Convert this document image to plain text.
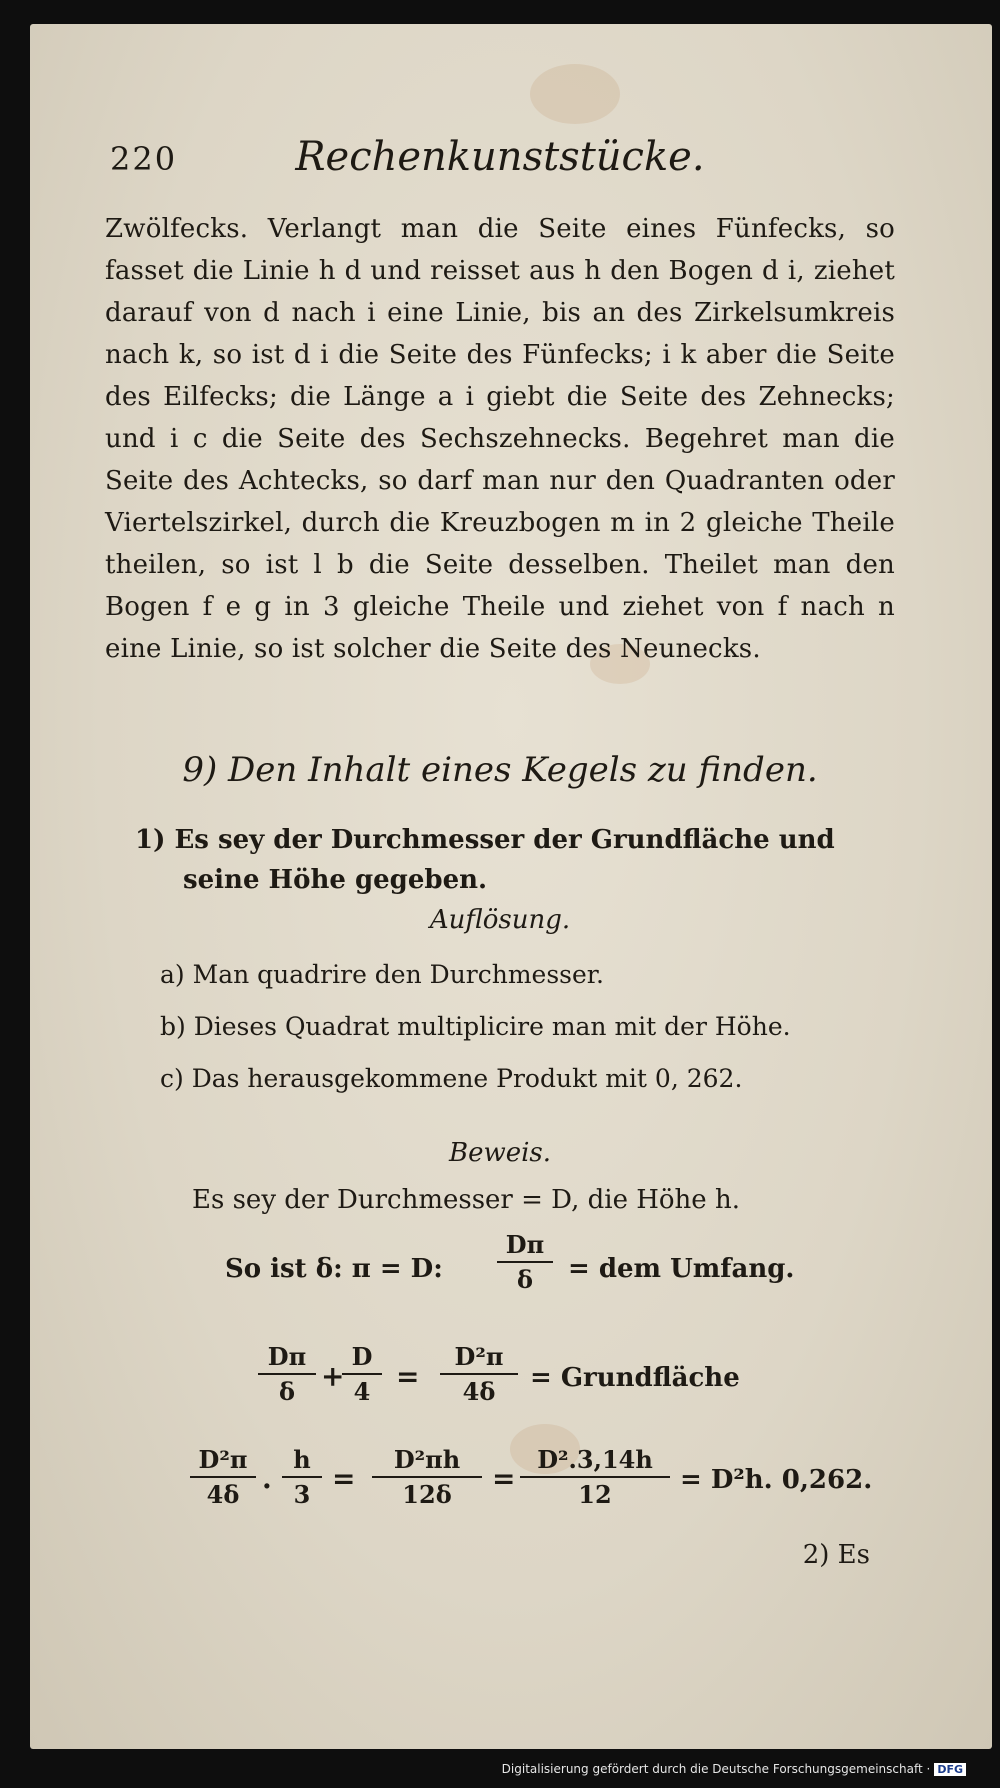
220	Rechenkunststücke.
Zwölfecks. Verlangt man die Seite eines Fünfecks, so fasset die Linie h d und reisset aus h den Bogen d i, ziehet darauf von d nach i eine Linie, bis an des Zirkelsumkreis nach k, so ist d i die Seite des Fünfecks; i k aber die Seite des Eilfecks; die Länge a i giebt die Seite des Zehnecks; und i c die Seite des Sechszehnecks. Begehret man die Seite des Achtecks, so darf man nur den Quadranten oder Viertelszirkel, durch die Kreuzbogen m in 2 gleiche Theile theilen, so ist l b die Seite desselben. Theilet man den Bogen f e g in 3 gleiche Theile und ziehet von f nach n eine Linie, so ist solcher die Seite des Neunecks.
9) Den Inhalt eines Kegels zu finden.
1) Es sey der Durchmesser der Grundfläche und seine Höhe gegeben.
Auflösung.
a) Man quadrire den Durchmesser.
b) Dieses Quadrat multiplicire man mit der Höhe.
c) Das herausgekommene Produkt mit 0, 262.
Beweis.
Es sey der Durchmesser = D, die Höhe h.
So ist δ: π = D: $\frac{D\pi}{\delta}$ = dem Umfang.
$\frac{D\pi}{\delta}$ +
$\frac{D}{4} = \frac{\text{D²π}}{4\delta}$ = Grundfläche
$\frac{\text{D²π}}{4\delta}$ . $\frac{h}{3} = \frac{\text{D²πh}}{12\delta} = \frac{\text{D².3,14h}}{12} = D^2h$. 0,262.
2) Es
Digitalisierung gefördert durch die Deutsche Forschungsgemeinschaft · DFG
